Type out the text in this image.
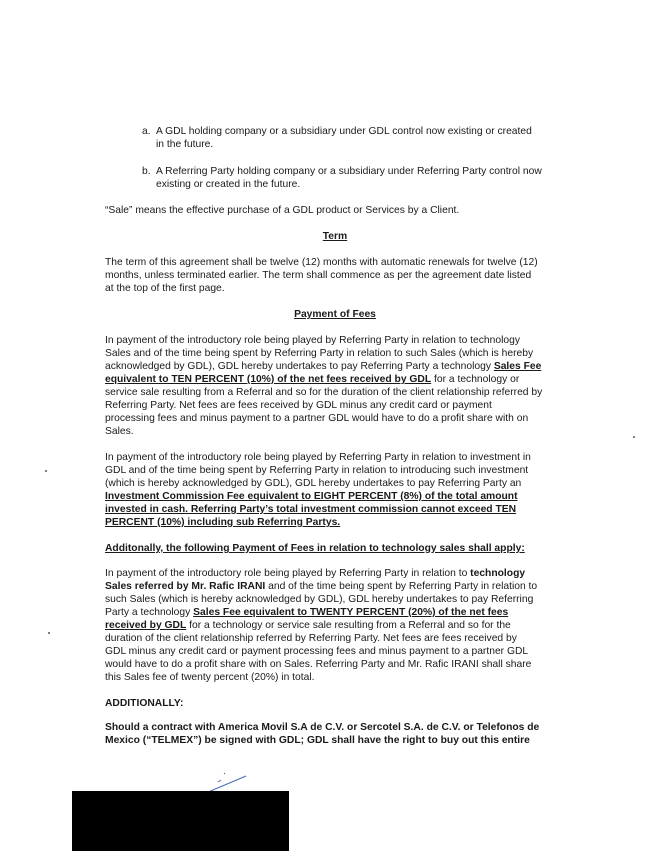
a. A GDL holding company or a subsidiary under GDL control now existing or created
in the future.
b. A Referring Party holding company or a subsidiary under Referring Party control now
existing or created in the future.
“Sale” means the effective purchase of a GDL product or Services by a Client.
Term
The term of this agreement shall be twelve (12) months with automatic renewals for twelve (12)
months, unless terminated earlier. The term shall commence as per the agreement date listed
at the top of the first page.
Payment of Fees
In payment of the introductory role being played by Referring Party in relation to technology
Sales and of the time being spent by Referring Party in relation to such Sales (which is hereby
acknowledged by GDL), GDL hereby undertakes to pay Referring Party a technology Sales Fee
equivalent to TEN PERCENT (10%) of the net fees received by GDL for a technology or
service sale resulting from a Referral and so for the duration of the client relationship referred by
Referring Party. Net fees are fees received by GDL minus any credit card or payment
processing fees and minus payment to a partner GDL would have to do a profit share with on
Sales.
In payment of the introductory role being played by Referring Party in relation to investment in
GDL and of the time being spent by Referring Party in relation to introducing such investment
(which is hereby acknowledged by GDL), GDL hereby undertakes to pay Referring Party an
Investment Commission Fee equivalent to EIGHT PERCENT (8%) of the total amount
invested in cash. Referring Party’s total investment commission cannot exceed TEN
PERCENT (10%) including sub Referring Partys.
Additonally, the following Payment of Fees in relation to technology sales shall apply:
In payment of the introductory role being played by Referring Party in relation to technology
Sales referred by Mr. Rafic IRANI and of the time being spent by Referring Party in relation to
such Sales (which is hereby acknowledged by GDL), GDL hereby undertakes to pay Referring
Party a technology Sales Fee equivalent to TWENTY PERCENT (20%) of the net fees
received by GDL for a technology or service sale resulting from a Referral and so for the
duration of the client relationship referred by Referring Party. Net fees are fees received by
GDL minus any credit card or payment processing fees and minus payment to a partner GDL
would have to do a profit share with on Sales. Referring Party and Mr. Rafic IRANI shall share
this Sales fee of twenty percent (20%) in total.
ADDITIONALLY:
Should a contract with America Movil S.A de C.V. or Sercotel S.A. de C.V. or Telefonos de
Mexico (“TELMEX”) be signed with GDL; GDL shall have the right to buy out this entire
